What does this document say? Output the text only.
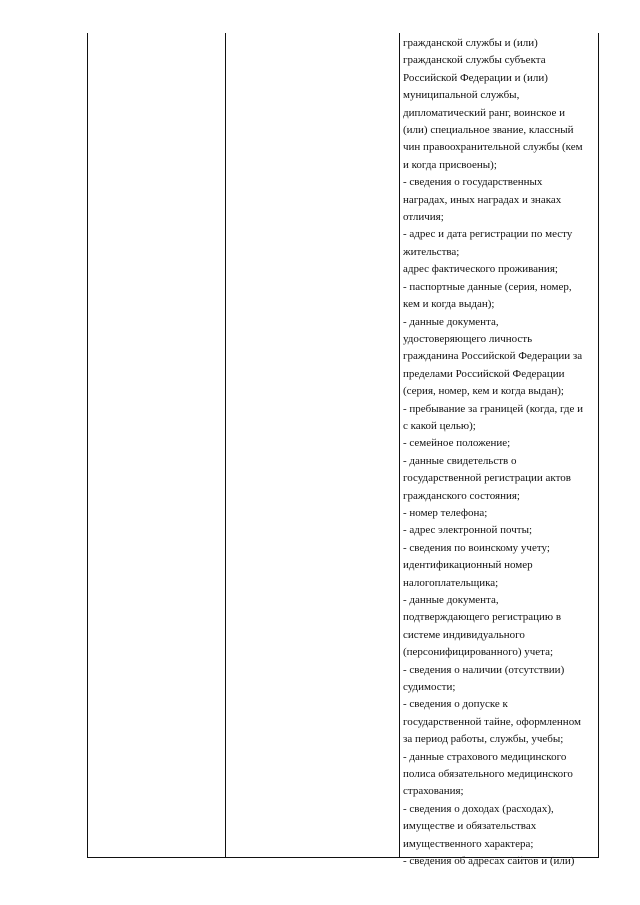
гражданской службы и (или)
гражданской службы субъекта
Российской Федерации и (или)
муниципальной службы,
дипломатический ранг, воинское и
(или) специальное звание, классный
чин правоохранительной службы (кем
и когда присвоены);
- сведения о государственных
наградах, иных наградах и знаках
отличия;
- адрес и дата регистрации по месту
жительства;
адрес фактического проживания;
- паспортные данные (серия, номер,
кем и когда выдан);
- данные документа,
удостоверяющего личность
гражданина Российской Федерации за
пределами Российской Федерации
(серия, номер, кем и когда выдан);
- пребывание за границей (когда, где и
с какой целью);
- семейное положение;
- данные свидетельств о
государственной регистрации актов
гражданского состояния;
- номер телефона;
- адрес электронной почты;
- сведения по воинскому учету;
идентификационный номер
налогоплательщика;
- данные документа,
подтверждающего регистрацию в
системе индивидуального
(персонифицированного) учета;
- сведения о наличии (отсутствии)
судимости;
- сведения о допуске к
государственной тайне, оформленном
за период работы, службы, учебы;
- данные страхового медицинского
полиса обязательного медицинского
страхования;
- сведения о доходах (расходах),
имуществе и обязательствах
имущественного характера;
- сведения об адресах сайтов и (или)
